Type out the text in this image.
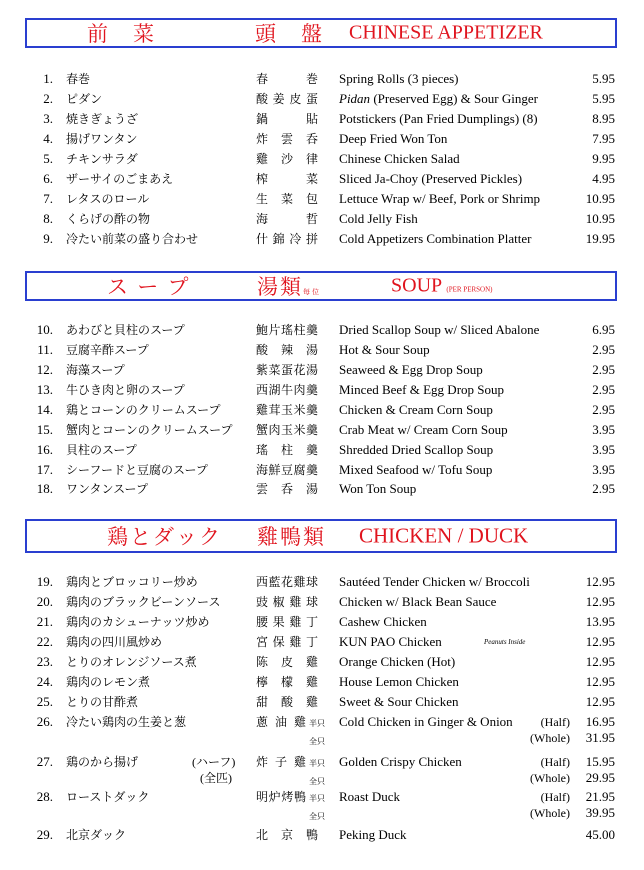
前　菜	頭　盤 CHINESE APPETIZER
1. 春巻	春　巻 Spring Rolls (3 pieces)	5.95
2. ピダン	酸姜皮蛋 Pidan (Preserved Egg) & Sour Ginger	5.95
3. 焼きぎょうざ	鍋　貼 Potstickers (Pan Fried Dumplings) (8)	8.95
4. 揚げワンタン	炸雲呑 Deep Fried Won Ton	7.95
5. チキンサラダ	雞沙律 Chinese Chicken Salad	9.95
6. ザーサイのごまあえ	榨　菜 Sliced Ja-Choy (Preserved Pickles)	4.95
7. レタスのロール	生菜包 Lettuce Wrap w/ Beef, Pork or Shrimp	10.95
8. くらげの酢の物	海　哲 Cold Jelly Fish	10.95
9. 冷たい前菜の盛り合わせ	什錦冷拼 Cold Appetizers Combination Platter	19.95
ス ー プ	湯類每位	SOUP (PER PERSON)
10. あわびと貝柱のスープ	鮑片瑤柱羹 Dried Scallop Soup w/ Sliced Abalone	6.95
11. 豆腐辛酢スープ	酸辣湯 Hot & Sour Soup	2.95
12. 海藻スープ	紫菜蛋花湯 Seaweed & Egg Drop Soup	2.95
13. 牛ひき肉と卵のスープ	西湖牛肉羹 Minced Beef & Egg Drop Soup	2.95
14. 鶏とコーンのクリームスープ	雞茸玉米羹 Chicken & Cream Corn Soup	2.95
15. 蟹肉とコーンのクリームスープ 蟹肉玉米羹 Crab Meat w/ Cream Corn Soup	3.95
16. 貝柱のスープ	瑤柱羹 Shredded Dried Scallop Soup	3.95
17. シーフードと豆腐のスープ	海鮮豆腐羹 Mixed Seafood w/ Tofu Soup	3.95
18. ワンタンスープ	雲呑湯 Won Ton Soup	2.95
鶏とダック 雞鴨類 CHICKEN / DUCK
19. 鶏肉とブロッコリー炒め	西藍花雞球 Sautéed Tender Chicken w/ Broccoli	12.95
20. 鶏肉のブラックビーンソース	豉椒雞球 Chicken w/ Black Bean Sauce	12.95
21. 鶏肉のカシューナッツ炒め	腰果雞丁 Cashew Chicken	13.95
22. 鶏肉の四川風炒め	宮保雞丁 KUN PAO Chicken	Peanuts Inside	12.95
23. とりのオレンジソース煮	陈皮雞 Orange Chicken (Hot)	12.95
24. 鶏肉のレモン煮	檸檬雞 House Lemon Chicken	12.95
25. とりの甘酢煮	甜酸雞 Sweet & Sour Chicken	12.95
26. 冷たい鶏肉の生姜と葱	蔥油雞 半只 Cold Chicken in Ginger & Onion (Half) 16.95
全只	(Whole) 31.95
27. 鶏のから揚げ	(ハーフ) 炸子雞 半只 Golden Crispy Chicken	(Half) 15.95
(全匹)	全只	(Whole) 29.95
28. ローストダック	明炉烤鴨 半只 Roast Duck	(Half) 21.95
全只	(Whole) 39.95
29. 北京ダック	北京鴨 Peking Duck	45.00
